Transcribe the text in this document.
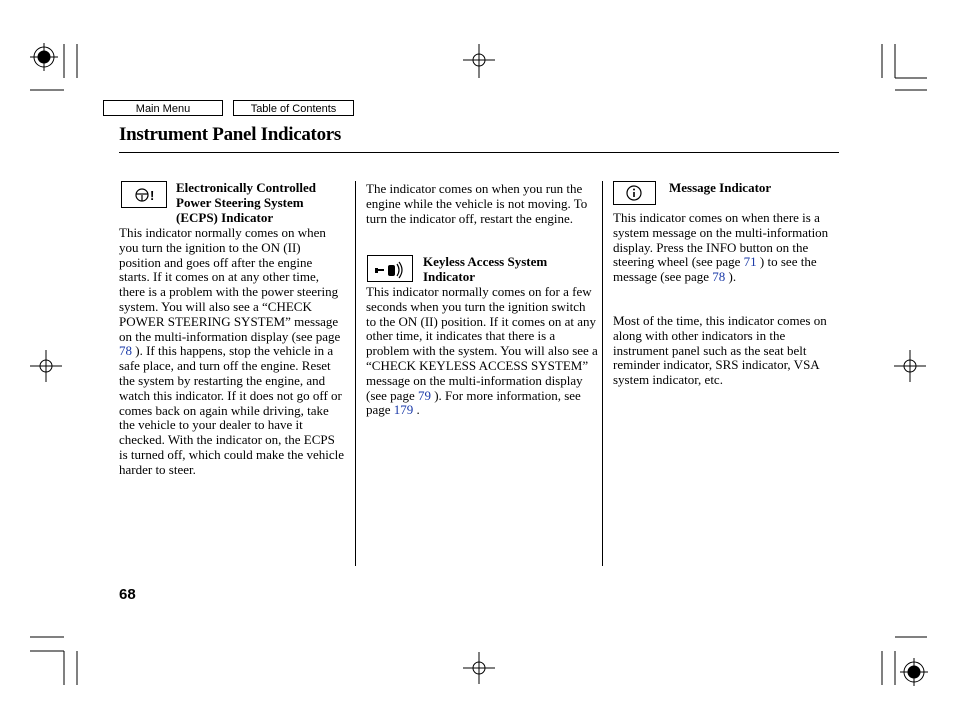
Main Menu	Table of Contents
Instrument Panel Indicators
!
Electronically Controlled
Power Steering System
(ECPS) Indicator
This indicator normally comes on when you turn the ignition to the ON (II) position and goes off after the engine starts. If it comes on at any other time, there is a problem with the power steering system. You will also see a “CHECK POWER STEERING SYSTEM” message on the multi-information display (see page 78 ). If this happens, stop the vehicle in a safe place, and turn off the engine. Reset the system by restarting the engine, and watch this indicator. If it does not go off or comes back on again while driving, take the vehicle to your dealer to have it checked. With the indicator on, the ECPS is turned off, which could make the vehicle harder to steer.
The indicator comes on when you run the engine while the vehicle is not moving. To turn the indicator off, restart the engine.
Keyless Access System
Indicator
This indicator normally comes on for a few seconds when you turn the ignition switch to the ON (II) position. If it comes on at any other time, it indicates that there is a problem with the system. You will also see a “CHECK KEYLESS ACCESS SYSTEM” message on the multi-information display (see page 79 ). For more information, see page 179 .
Message Indicator
This indicator comes on when there is a system message on the multi-information display. Press the INFO button on the steering wheel (see page 71 ) to see the message (see page 78 ).
Most of the time, this indicator comes on along with other indicators in the instrument panel such as the seat belt reminder indicator, SRS indicator, VSA system indicator, etc.
68
